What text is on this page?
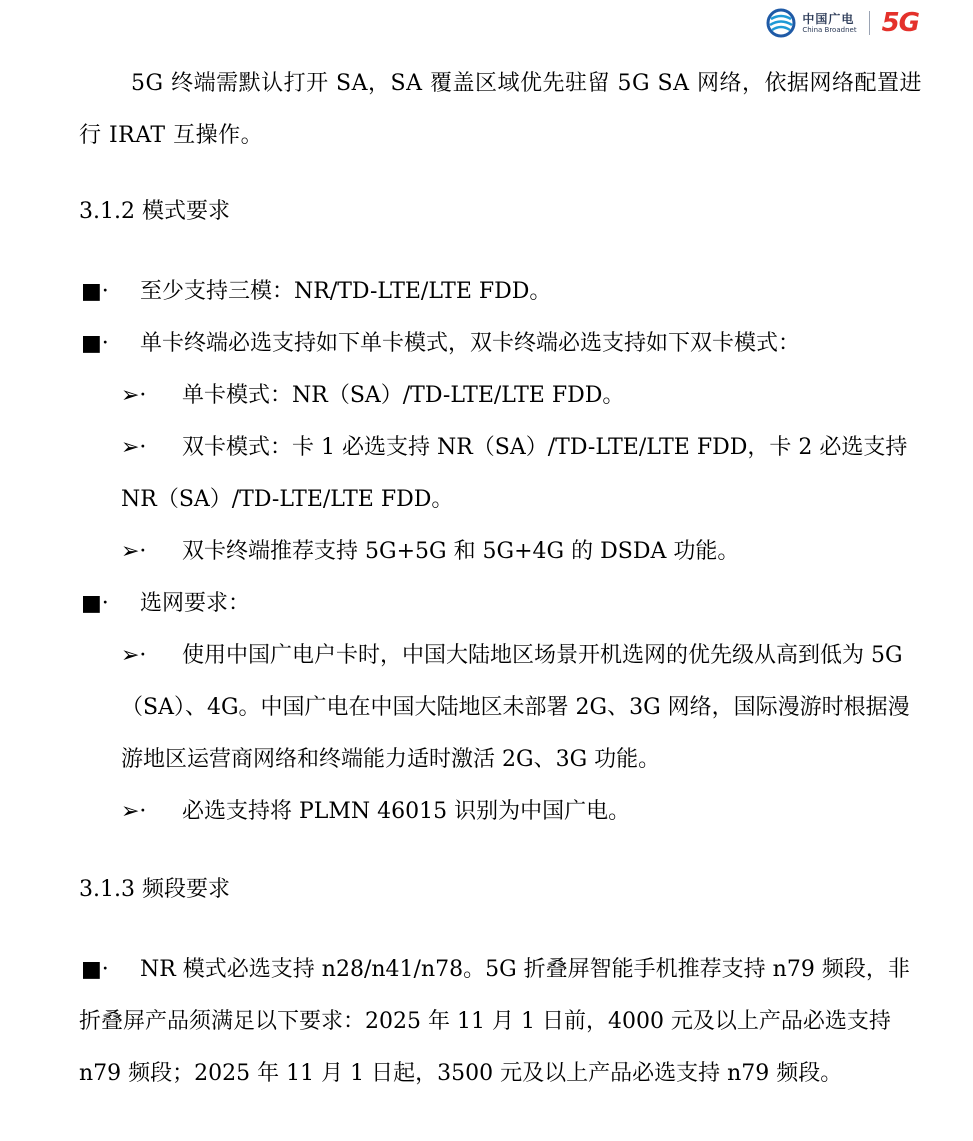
中国广电
China Broadnet 5G

5G 终端需默认打开 SA，SA 覆盖区域优先驻留 5G SA 网络，依据网络配置进行 IRAT 互操作。

3.1.2 模式要求
■· 至少支持三模：NR/TD-LTE/LTE FDD。
■· 单卡终端必选支持如下单卡模式，双卡终端必选支持如下双卡模式：
➢· 单卡模式：NR（SA）/TD-LTE/LTE FDD。
➢· 双卡模式：卡 1 必选支持 NR（SA）/TD-LTE/LTE FDD，卡 2 必选支持 NR（SA）/TD-LTE/LTE FDD。
➢· 双卡终端推荐支持 5G+5G 和 5G+4G 的 DSDA 功能。
■· 选网要求：
➢· 使用中国广电户卡时，中国大陆地区场景开机选网的优先级从高到低为 5G（SA）、4G。中国广电在中国大陆地区未部署 2G、3G 网络，国际漫游时根据漫游地区运营商网络和终端能力适时激活 2G、3G 功能。
➢· 必选支持将 PLMN 46015 识别为中国广电。
3.1.3 频段要求
■· NR 模式必选支持 n28/n41/n78。5G 折叠屏智能手机推荐支持 n79 频段，非折叠屏产品须满足以下要求：2025 年 11 月 1 日前，4000 元及以上产品必选支持 n79 频段；2025 年 11 月 1 日起，3500 元及以上产品必选支持 n79 频段。
